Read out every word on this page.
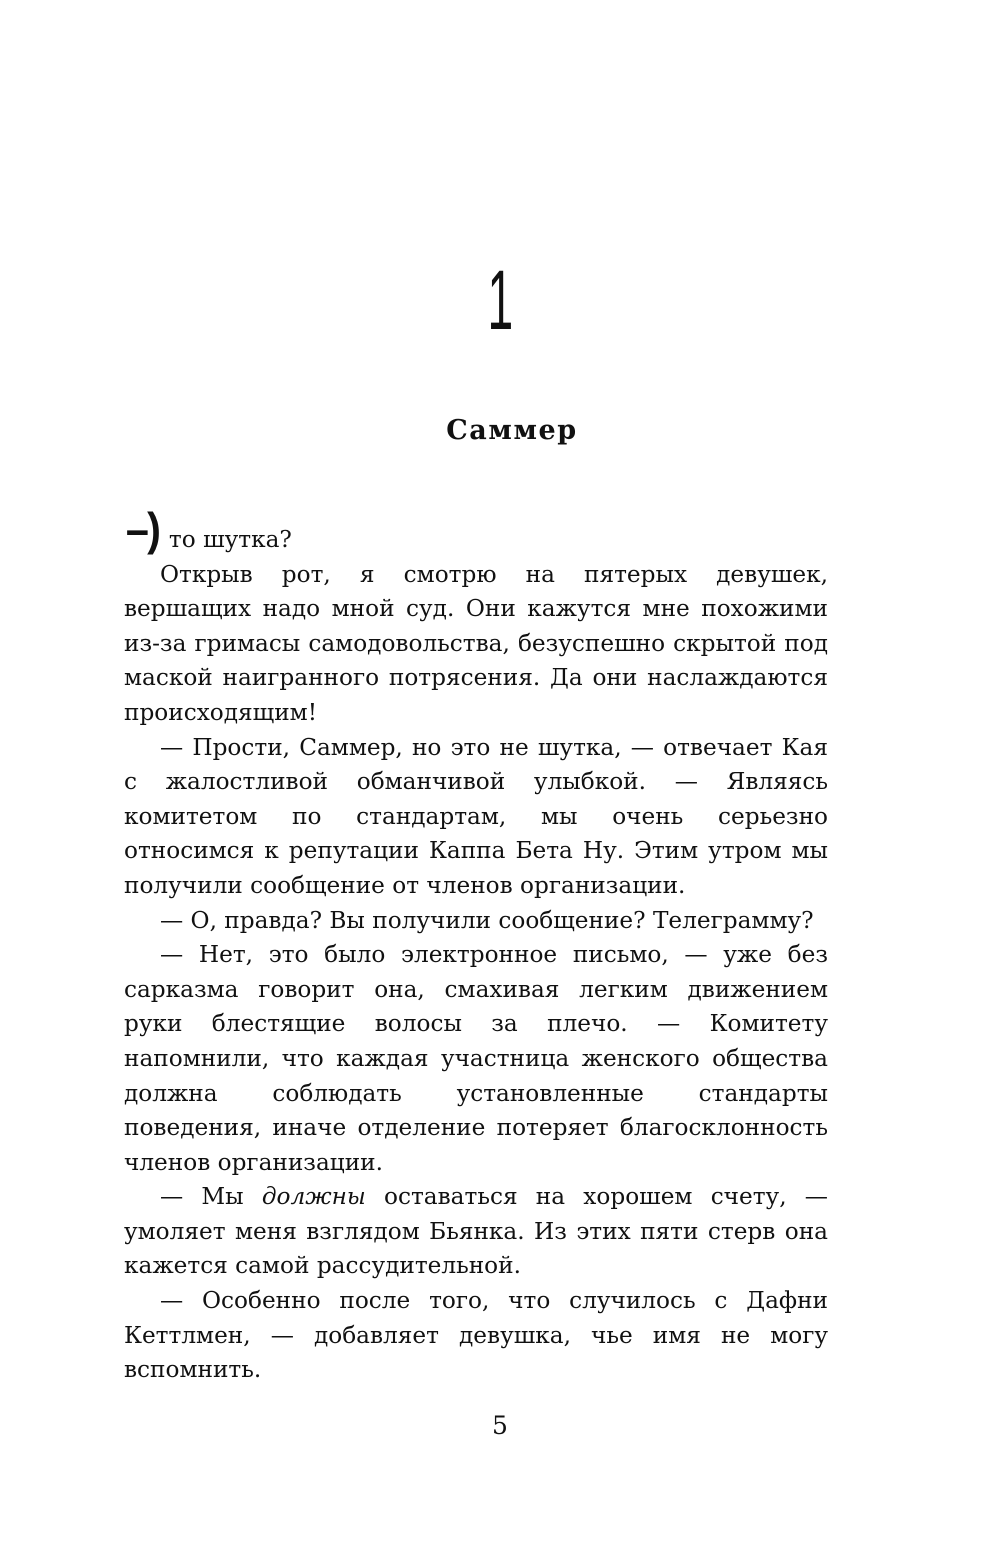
1
Саммер

–) то шутка?

Открыв рот, я смотрю на пятерых девушек, вершащих надо мной суд. Они кажутся мне похожими из-за гримасы самодовольства, безуспешно скрытой под маской наигранного потрясения. Да они наслаждаются происходящим!

— Прости, Саммер, но это не шутка, — отвечает Кая с жалостливой обманчивой улыбкой. — Являясь комитетом по стандартам, мы очень серьезно относимся к репутации Каппа Бета Ну. Этим утром мы получили сообщение от членов организации.

— О, правда? Вы получили сообщение? Телеграмму?

— Нет, это было электронное письмо, — уже без сарказма говорит она, смахивая легким движением руки блестящие волосы за плечо. — Комитету напомнили, что каждая участница женского общества должна соблюдать установленные стандарты поведения, иначе отделение потеряет благосклонность членов организации.

— Мы должны оставаться на хорошем счету, — умоляет меня взглядом Бьянка. Из этих пяти стерв она кажется самой рассудительной.

— Особенно после того, что случилось с Дафни Кеттлмен, — добавляет девушка, чье имя не могу вспомнить.

5
